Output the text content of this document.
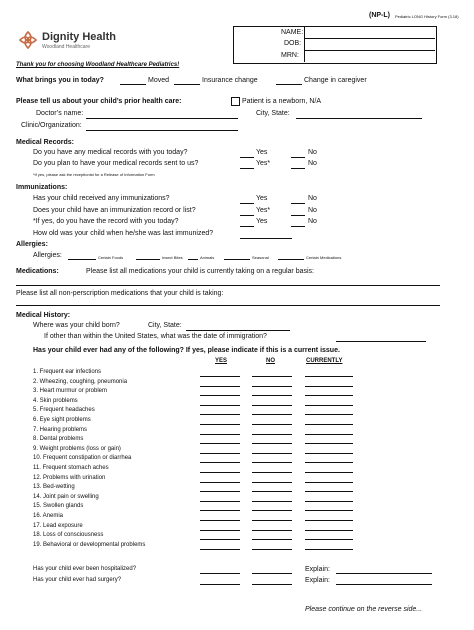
(NP-L) Pediatric LONG History Form (3.18)
Dignity Health
Woodland Healthcare
NAME:
DOB:
MRN:
Thank you for choosing Woodland Healthcare Pediatrics!
What brings you in today?	Moved	Insurance change	Change in caregiver
Please tell us about your child’s prior health care:	Patient is a newborn, N/A
Doctor’s name:	City, State:
Clinic/Organization:
Medical Records:
Do you have any medical records with you today?	Yes	No
Do you plan to have your medical records sent to us?	Yes*	No
*If yes, please ask the receptionist for a Release of Information Form
Immunizations:
Has your child received any immunizations?	Yes	No
Does your child have an immunization record or list?	Yes*	No
*If yes, do you have the record with you today?	Yes	No
How old was your child when he/she was last immunized?
Allergies:
Allergies:	Certain Foods	Insect Bites	Animals	Seasonal	Certain Medications
Medications:	Please list all medications your child is currently taking on a regular basis:
Please list all non-perscription medications that your child is taking:
Medical History:
Where was your child born?	City, State:
If other than within the United States, what was the date of immigration?
Has your child ever had any of the following? If yes, please indicate if this is a current issue.
YES	NO	CURRENTLY
1. Frequent ear infections
2. Wheezing, coughing, pneumonia
3. Heart murmur or problem
4. Skin problems
5. Frequent headaches
6. Eye sight problems
7. Hearing problems
8. Dental problems
9. Weight problems (loss or gain)
10. Frequent constipation or diarrhea
11. Frequent stomach aches
12. Problems with urination
13. Bed-wetting
14. Joint pain or swelling
15. Swollen glands
16. Anemia
17. Lead exposure
18. Loss of consciousness
19. Behavioral or developmental problems
Has your child ever been hospitalized?	Explain:
Has your child ever had surgery?	Explain:
Please continue on the reverse side...
